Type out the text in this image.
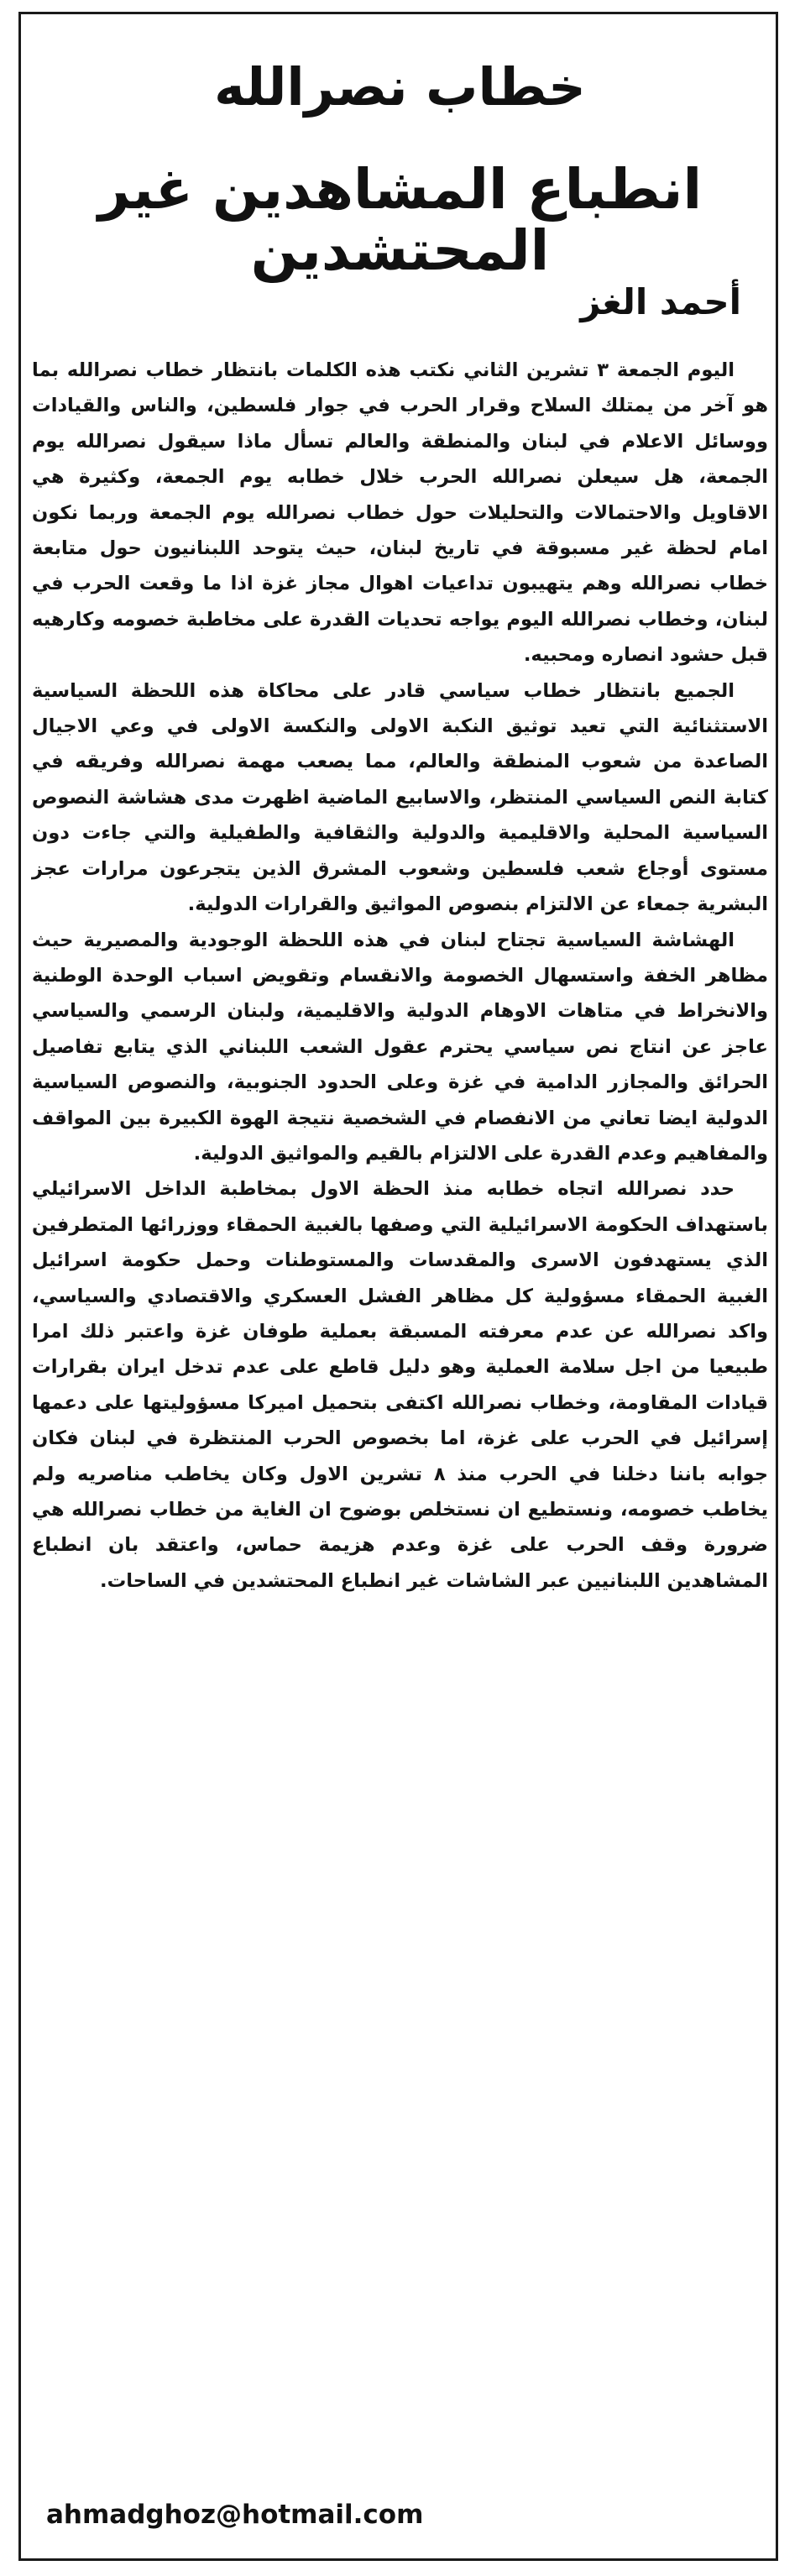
خطاب نصرالله
انطباع المشاهدين غير المحتشدين

أحمد الغز

اليوم الجمعة ٣ تشرين الثاني نكتب هذه الكلمات بانتظار خطاب نصرالله بما هو آخر من يمتلك السلاح وقرار الحرب في جوار فلسطين، والناس والقيادات ووسائل الاعلام في لبنان والمنطقة والعالم تسأل ماذا سيقول نصرالله يوم الجمعة، هل سيعلن نصرالله الحرب خلال خطابه يوم الجمعة، وكثيرة هي الاقاويل والاحتمالات والتحليلات حول خطاب نصرالله يوم الجمعة وربما نكون امام لحظة غير مسبوقة في تاريخ لبنان، حيث يتوحد اللبنانيون حول متابعة خطاب نصرالله وهم يتهيبون تداعيات اهوال مجاز غزة اذا ما وقعت الحرب في لبنان، وخطاب نصرالله اليوم يواجه تحديات القدرة على مخاطبة خصومه وكارهيه قبل حشود انصاره ومحبيه.

الجميع بانتظار خطاب سياسي قادر على محاكاة هذه اللحظة السياسية الاستثنائية التي تعيد توثيق النكبة الاولى والنكسة الاولى في وعي الاجيال الصاعدة من شعوب المنطقة والعالم، مما يصعب مهمة نصرالله وفريقه في كتابة النص السياسي المنتظر، والاسابيع الماضية اظهرت مدى هشاشة النصوص السياسية المحلية والاقليمية والدولية والثقافية والطفيلية والتي جاءت دون مستوى أوجاع شعب فلسطين وشعوب المشرق الذين يتجرعون مرارات عجز البشرية جمعاء عن الالتزام بنصوص المواثيق والقرارات الدولية.

الهشاشة السياسية تجتاح لبنان في هذه اللحظة الوجودية والمصيرية حيث مظاهر الخفة واستسهال الخصومة والانقسام وتقويض اسباب الوحدة الوطنية والانخراط في متاهات الاوهام الدولية والاقليمية، ولبنان الرسمي والسياسي عاجز عن انتاج نص سياسي يحترم عقول الشعب اللبناني الذي يتابع تفاصيل الحرائق والمجازر الدامية في غزة وعلى الحدود الجنوبية، والنصوص السياسية الدولية ايضا تعاني من الانفصام في الشخصية نتيجة الهوة الكبيرة بين المواقف والمفاهيم وعدم القدرة على الالتزام بالقيم والمواثيق الدولية.

حدد نصرالله اتجاه خطابه منذ الحظة الاول بمخاطبة الداخل الاسرائيلي باستهداف الحكومة الاسرائيلية التي وصفها بالغبية الحمقاء ووزرائها المتطرفين الذي يستهدفون الاسرى والمقدسات والمستوطنات وحمل حكومة اسرائيل الغبية الحمقاء مسؤولية كل مظاهر الفشل العسكري والاقتصادي والسياسي، واكد نصرالله عن عدم معرفته المسبقة بعملية طوفان غزة واعتبر ذلك امرا طبيعيا من اجل سلامة العملية وهو دليل قاطع على عدم تدخل ايران بقرارات قيادات المقاومة، وخطاب نصرالله اكتفى بتحميل اميركا مسؤوليتها على دعمها إسرائيل في الحرب على غزة، اما بخصوص الحرب المنتظرة في لبنان فكان جوابه باننا دخلنا في الحرب منذ ٨ تشرين الاول وكان يخاطب مناصريه ولم يخاطب خصومه، ونستطيع ان نستخلص بوضوح ان الغاية من خطاب نصرالله هي ضرورة وقف الحرب على غزة وعدم هزيمة حماس، واعتقد بان انطباع المشاهدين اللبنانيين عبر الشاشات غير انطباع المحتشدين في الساحات.

ahmadghoz@hotmail.com
